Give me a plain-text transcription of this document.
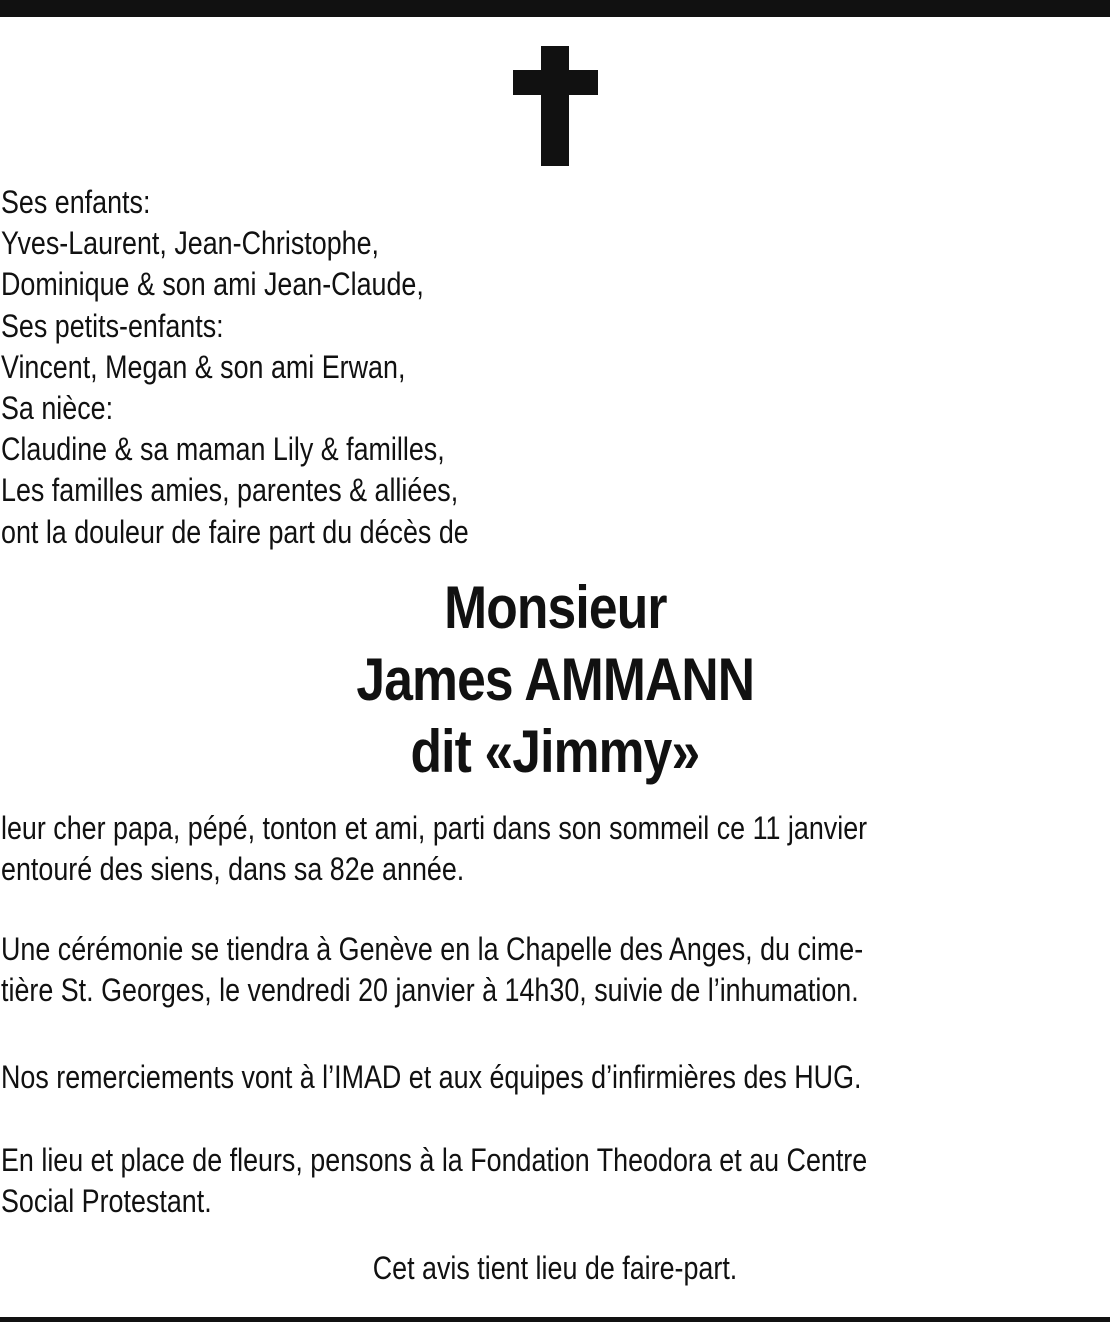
Ses enfants:
Yves-Laurent, Jean-Christophe,
Dominique & son ami Jean-Claude,
Ses petits-enfants:
Vincent, Megan & son ami Erwan,
Sa nièce:
Claudine & sa maman Lily & familles,
Les familles amies, parentes & alliées,
ont la douleur de faire part du décès de
Monsieur
James AMMANN
dit «Jimmy»
leur cher papa, pépé, tonton et ami, parti dans son sommeil ce 11 janvier
entouré des siens, dans sa 82e année.
Une cérémonie se tiendra à Genève en la Chapelle des Anges, du cime-
tière St. Georges, le vendredi 20 janvier à 14h30, suivie de l’inhumation.
Nos remerciements vont à l’IMAD et aux équipes d’infirmières des HUG.
En lieu et place de fleurs, pensons à la Fondation Theodora et au Centre
Social Protestant.
Cet avis tient lieu de faire-part.
